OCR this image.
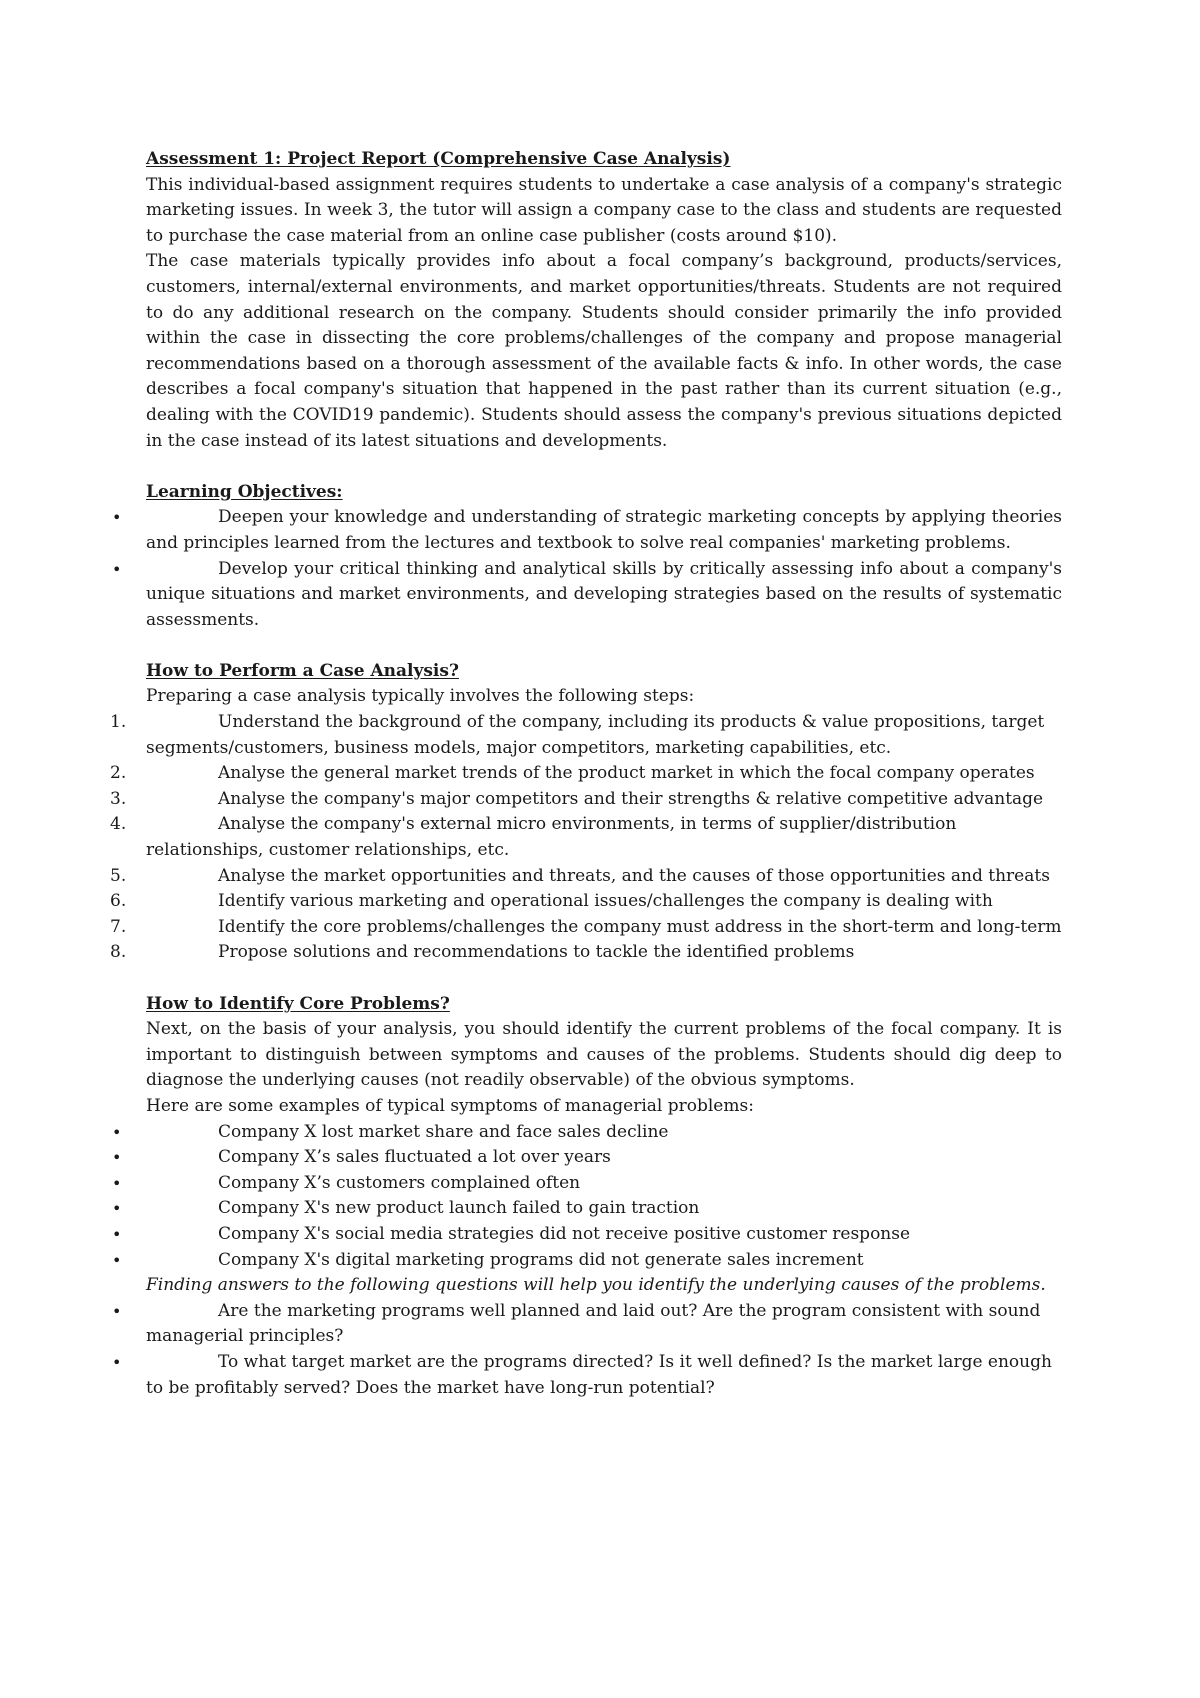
Assessment 1: Project Report (Comprehensive Case Analysis)
This individual-based assignment requires students to undertake a case analysis of a company's strategic marketing issues. In week 3, the tutor will assign a company case to the class and students are requested to purchase the case material from an online case publisher (costs around $10).
The case materials typically provides info about a focal company’s background, products/services, customers, internal/external environments, and market opportunities/threats. Students are not required to do any additional research on the company. Students should consider primarily the info provided within the case in dissecting the core problems/challenges of the company and propose managerial recommendations based on a thorough assessment of the available facts & info. In other words, the case describes a focal company's situation that happened in the past rather than its current situation (e.g., dealing with the COVID19 pandemic). Students should assess the company's previous situations depicted in the case instead of its latest situations and developments.
Learning Objectives:
•	Deepen your knowledge and understanding of strategic marketing concepts by applying theories and principles learned from the lectures and textbook to solve real companies' marketing problems.
•	Develop your critical thinking and analytical skills by critically assessing info about a company's unique situations and market environments, and developing strategies based on the results of systematic assessments.
How to Perform a Case Analysis?
Preparing a case analysis typically involves the following steps:
1.	Understand the background of the company, including its products & value propositions, target segments/customers, business models, major competitors, marketing capabilities, etc.
2.	Analyse the general market trends of the product market in which the focal company operates
3.	Analyse the company's major competitors and their strengths & relative competitive advantage
4.	Analyse the company's external micro environments, in terms of supplier/distribution relationships, customer relationships, etc.
5.	Analyse the market opportunities and threats, and the causes of those opportunities and threats
6.	Identify various marketing and operational issues/challenges the company is dealing with
7.	Identify the core problems/challenges the company must address in the short-term and long-term
8.	Propose solutions and recommendations to tackle the identified problems
How to Identify Core Problems?
Next, on the basis of your analysis, you should identify the current problems of the focal company. It is important to distinguish between symptoms and causes of the problems. Students should dig deep to diagnose the underlying causes (not readily observable) of the obvious symptoms.
Here are some examples of typical symptoms of managerial problems:
•	Company X lost market share and face sales decline
•	Company X’s sales fluctuated a lot over years
•	Company X’s customers complained often
•	Company X's new product launch failed to gain traction
•	Company X's social media strategies did not receive positive customer response
•	Company X's digital marketing programs did not generate sales increment
Finding answers to the following questions will help you identify the underlying causes of the problems.
•	Are the marketing programs well planned and laid out? Are the program consistent with sound managerial principles?
•	To what target market are the programs directed? Is it well defined? Is the market large enough to be profitably served? Does the market have long-run potential?
